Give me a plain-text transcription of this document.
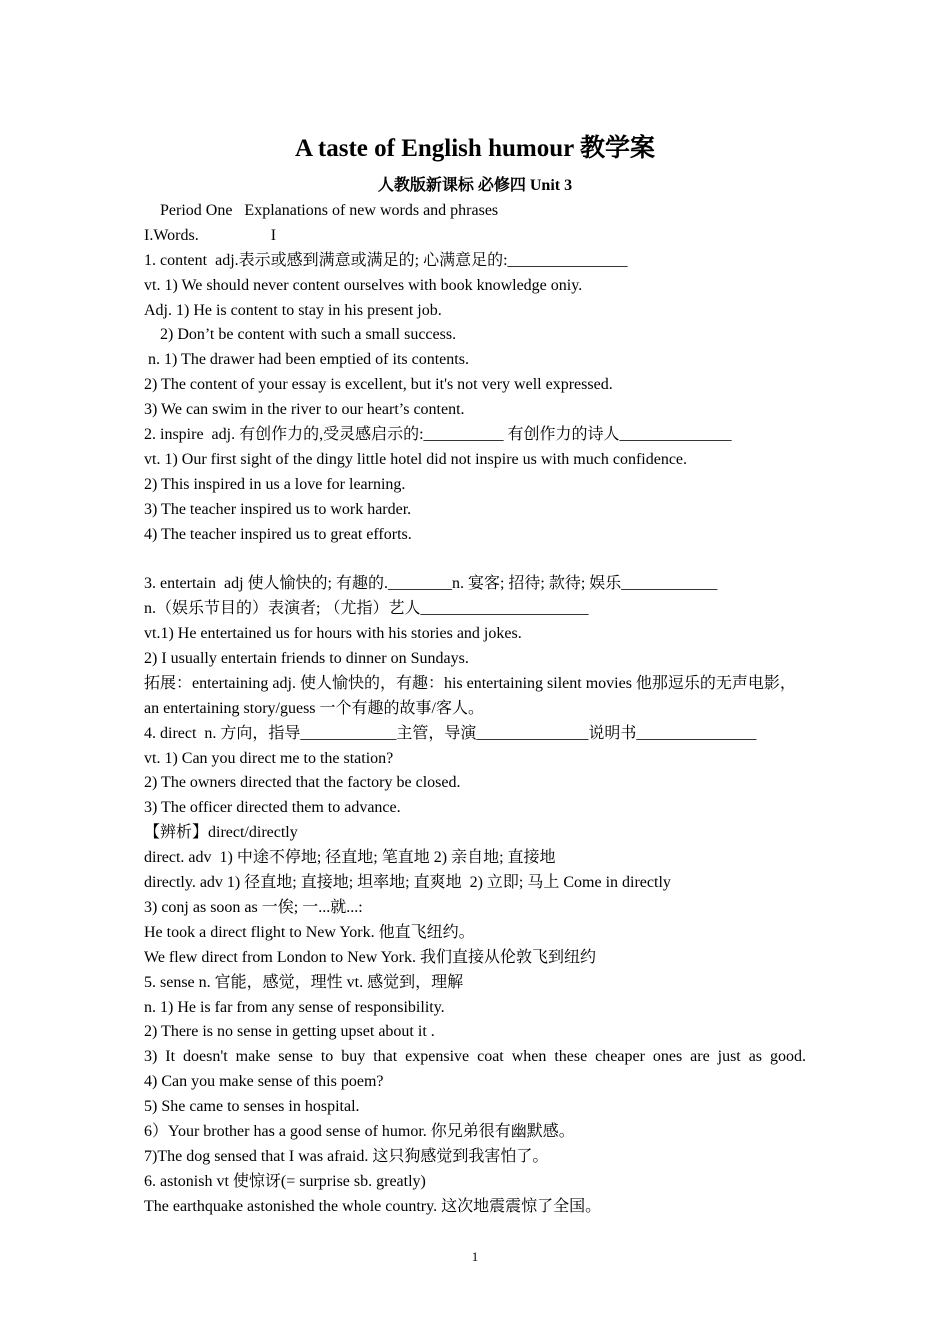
A taste of English humour 教学案
人教版新课标 必修四 Unit 3
Period One   Explanations of new words and phrases
I.Words.                  I
1. content  adj.表示或感到满意或满足的; 心满意足的:_______________
vt. 1) We should never content ourselves with book knowledge oniy.
Adj. 1) He is content to stay in his present job.
2) Don’t be content with such a small success.
n. 1) The drawer had been emptied of its contents.
2) The content of your essay is excellent, but it's not very well expressed.
3) We can swim in the river to our heart’s content.
2. inspire  adj. 有创作力的,受灵感启示的:__________ 有创作力的诗人______________
vt. 1) Our first sight of the dingy little hotel did not inspire us with much confidence.
2) This inspired in us a love for learning.
3) The teacher inspired us to work harder.
4) The teacher inspired us to great efforts.
3. entertain  adj 使人愉快的; 有趣的.________n. 宴客; 招待; 款待; 娱乐____________
n.（娱乐节目的）表演者; （尤指）艺人_____________________
vt.1) He entertained us for hours with his stories and jokes.
2) I usually entertain friends to dinner on Sundays.
拓展：entertaining adj. 使人愉快的，有趣：his entertaining silent movies 他那逗乐的无声电影，
an entertaining story/guess 一个有趣的故事/客人。
4. direct  n. 方向，指导____________主管，导演______________说明书_______________
vt. 1) Can you direct me to the station?
2) The owners directed that the factory be closed.
3) The officer directed them to advance.
【辨析】direct/directly
direct. adv  1) 中途不停地; 径直地; 笔直地 2) 亲自地; 直接地
directly. adv 1) 径直地; 直接地; 坦率地; 直爽地  2) 立即; 马上 Come in directly
3) conj as soon as 一俟; 一...就...:
He took a direct flight to New York. 他直飞纽约。
We flew direct from London to New York. 我们直接从伦敦飞到纽约
5. sense n. 官能，感觉，理性 vt. 感觉到，理解
n. 1) He is far from any sense of responsibility.
2) There is no sense in getting upset about it .
3) It doesn't make sense to buy that expensive coat when these cheaper ones are just as good.
4) Can you make sense of this poem?
5) She came to senses in hospital.
6）Your brother has a good sense of humor. 你兄弟很有幽默感。
7)The dog sensed that I was afraid. 这只狗感觉到我害怕了。
6. astonish vt 使惊讶(= surprise sb. greatly)
The earthquake astonished the whole country. 这次地震震惊了全国。
1
